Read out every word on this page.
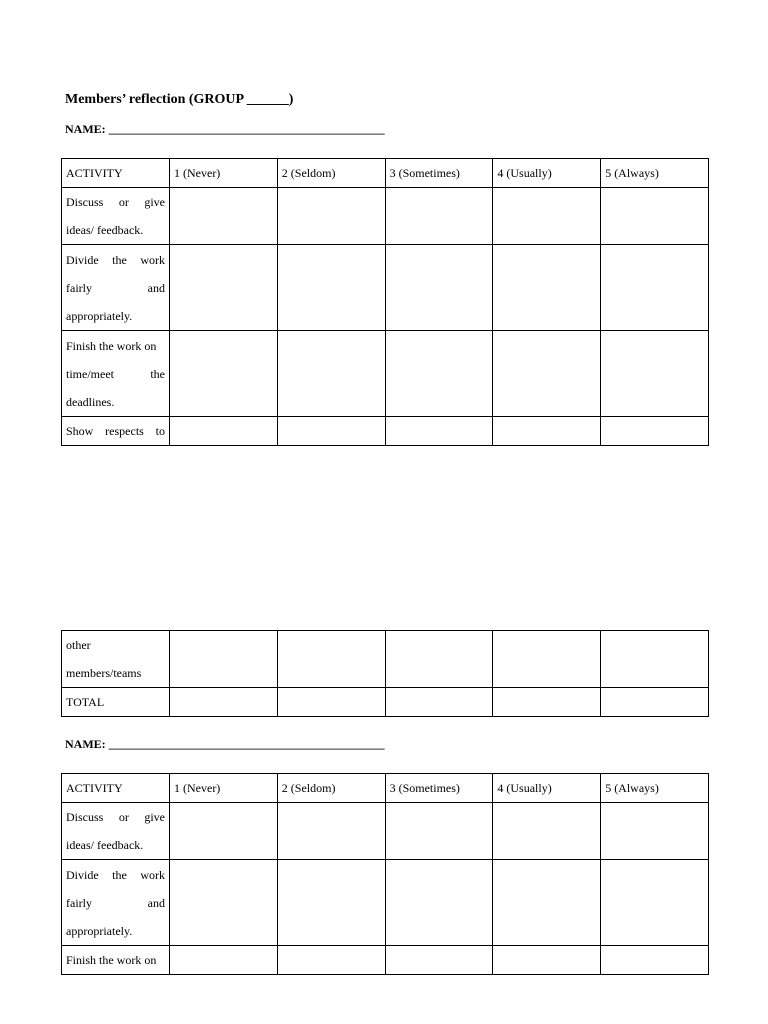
Members’ reflection (GROUP ______)
NAME: ______________________________________________
ACTIVITY	1 (Never)	2 (Seldom)	3 (Sometimes)	4 (Usually)	5 (Always)

Discuss or give
ideas/ feedback.					

Divide the work
fairly and
appropriately.					

Finish the work on
time/meet the
deadlines.					

Show respects to					

other
members/teams					

TOTAL					
NAME: ______________________________________________
ACTIVITY	1 (Never)	2 (Seldom)	3 (Sometimes)	4 (Usually)	5 (Always)

Discuss or give
ideas/ feedback.					

Divide the work
fairly and
appropriately.					

Finish the work on					
